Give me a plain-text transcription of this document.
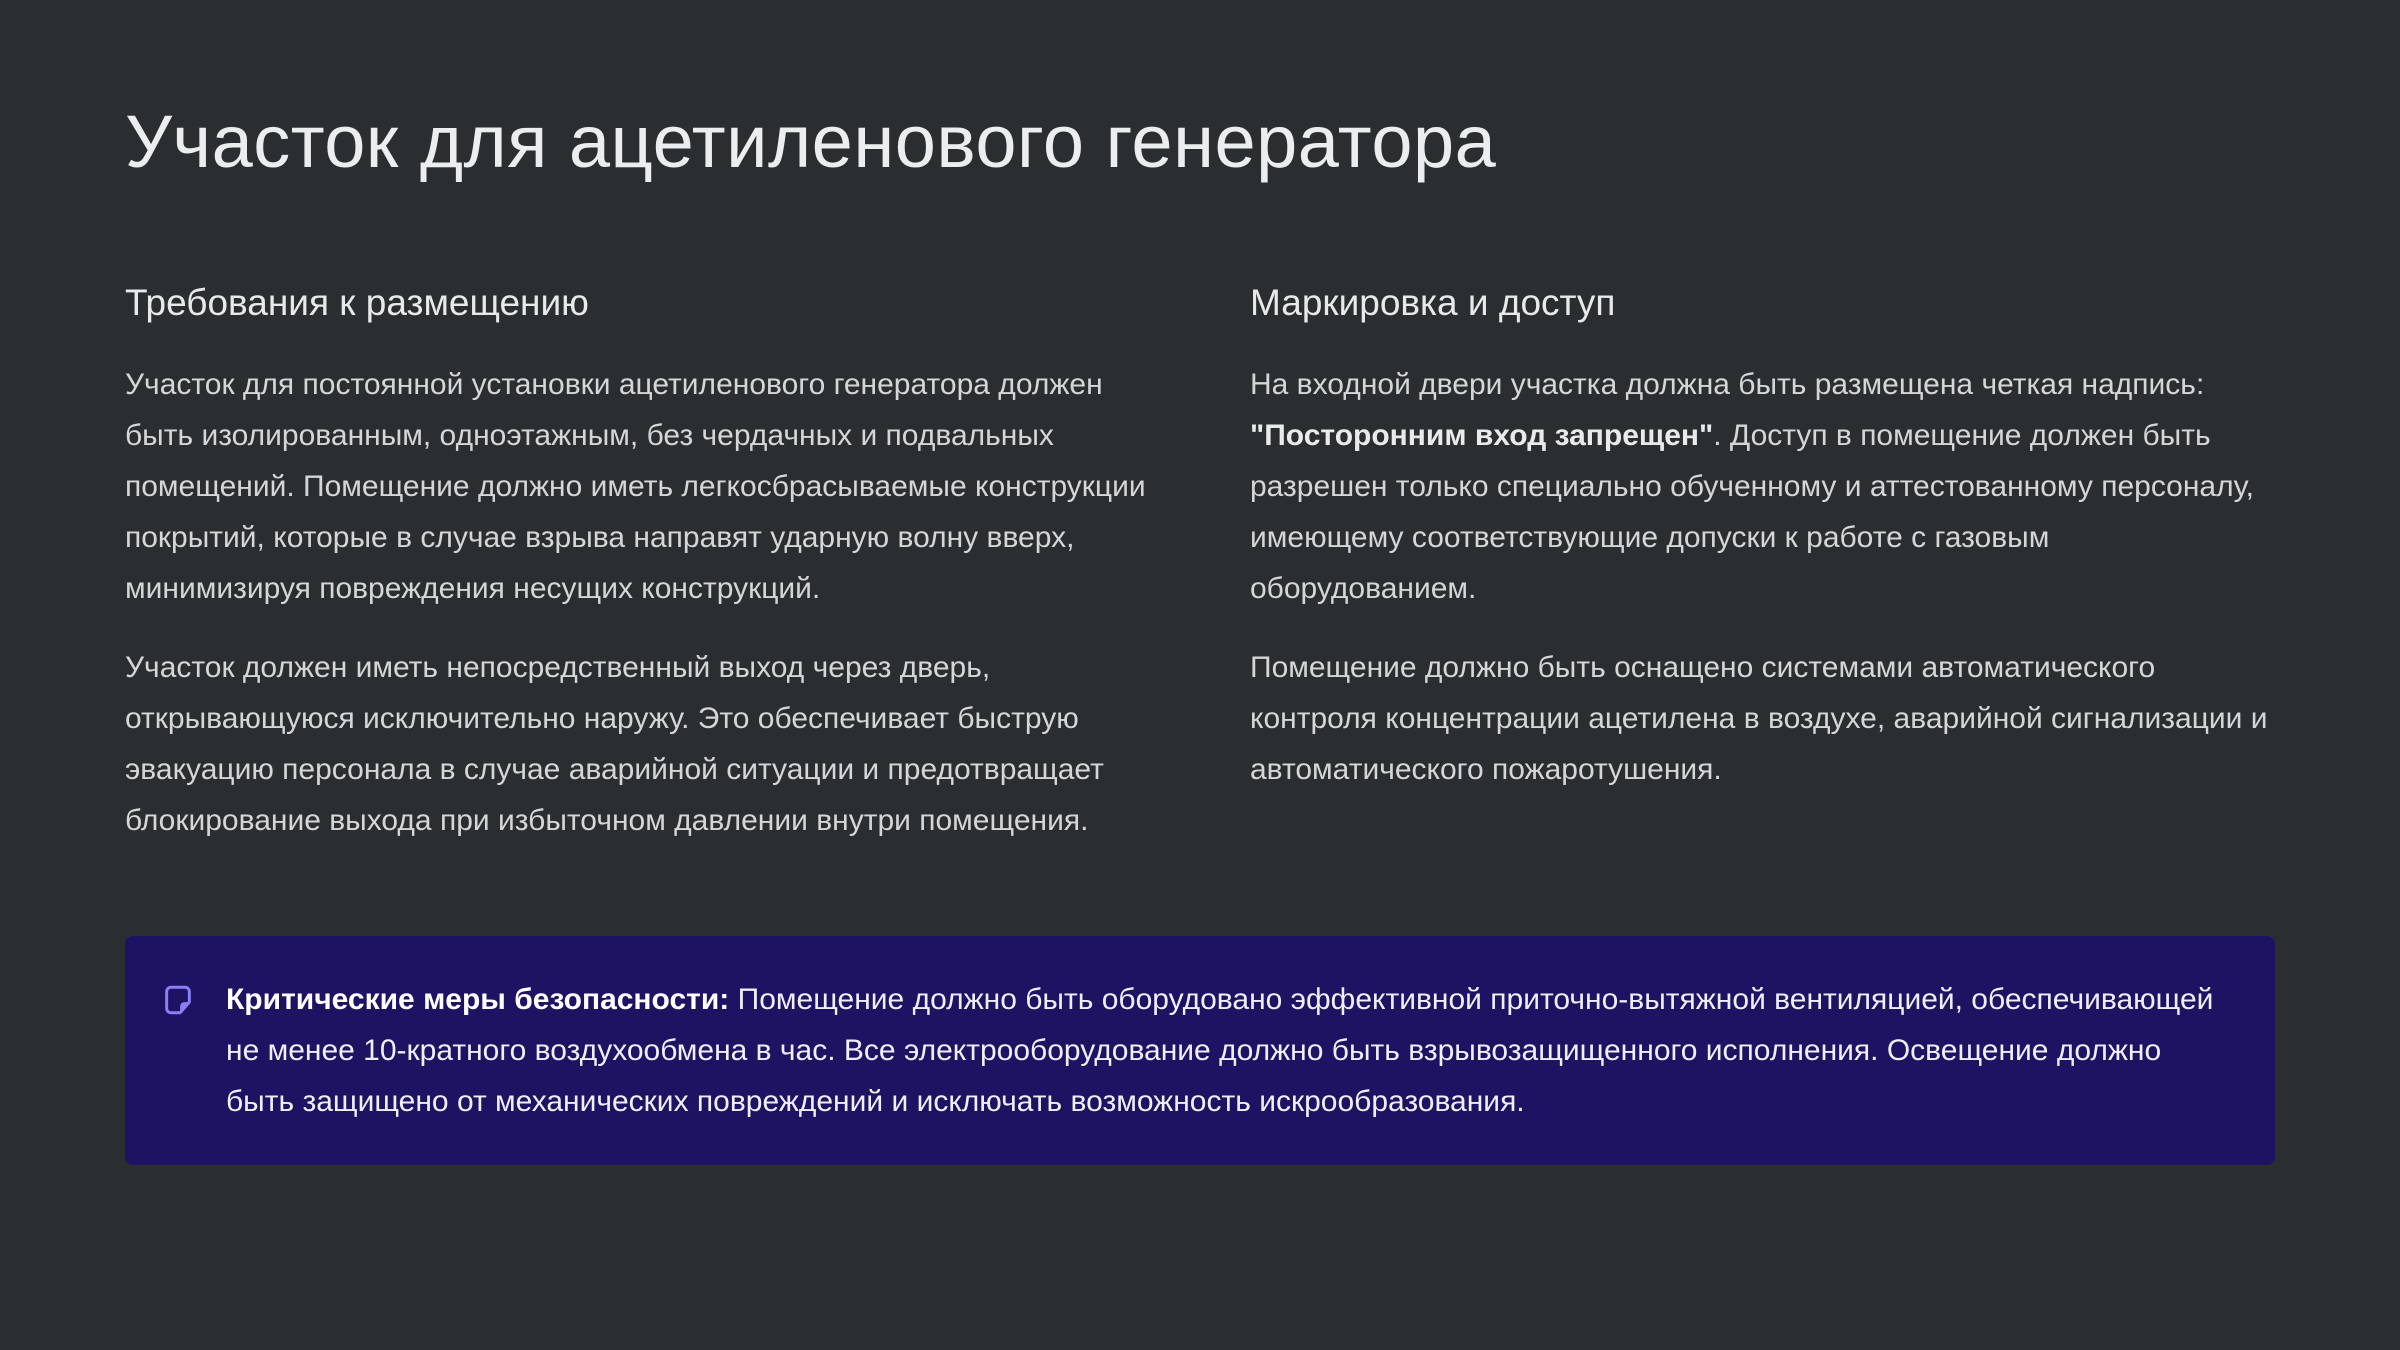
Участок для ацетиленового генератора
Требования к размещению

Участок для постоянной установки ацетиленового генератора должен быть изолированным, одноэтажным, без чердачных и подвальных помещений. Помещение должно иметь легкосбрасываемые конструкции покрытий, которые в случае взрыва направят ударную волну вверх, минимизируя повреждения несущих конструкций.

Участок должен иметь непосредственный выход через дверь, открывающуюся исключительно наружу. Это обеспечивает быструю эвакуацию персонала в случае аварийной ситуации и предотвращает блокирование выхода при избыточном давлении внутри помещения.

Маркировка и доступ

На входной двери участка должна быть размещена четкая надпись: "Посторонним вход запрещен". Доступ в помещение должен быть разрешен только специально обученному и аттестованному персоналу, имеющему соответствующие допуски к работе с газовым оборудованием.

Помещение должно быть оснащено системами автоматического контроля концентрации ацетилена в воздухе, аварийной сигнализации и автоматического пожаротушения.

Критические меры безопасности: Помещение должно быть оборудовано эффективной приточно-вытяжной вентиляцией, обеспечивающей не менее 10-кратного воздухообмена в час. Все электрооборудование должно быть взрывозащищенного исполнения. Освещение должно быть защищено от механических повреждений и исключать возможность искрообразования.
